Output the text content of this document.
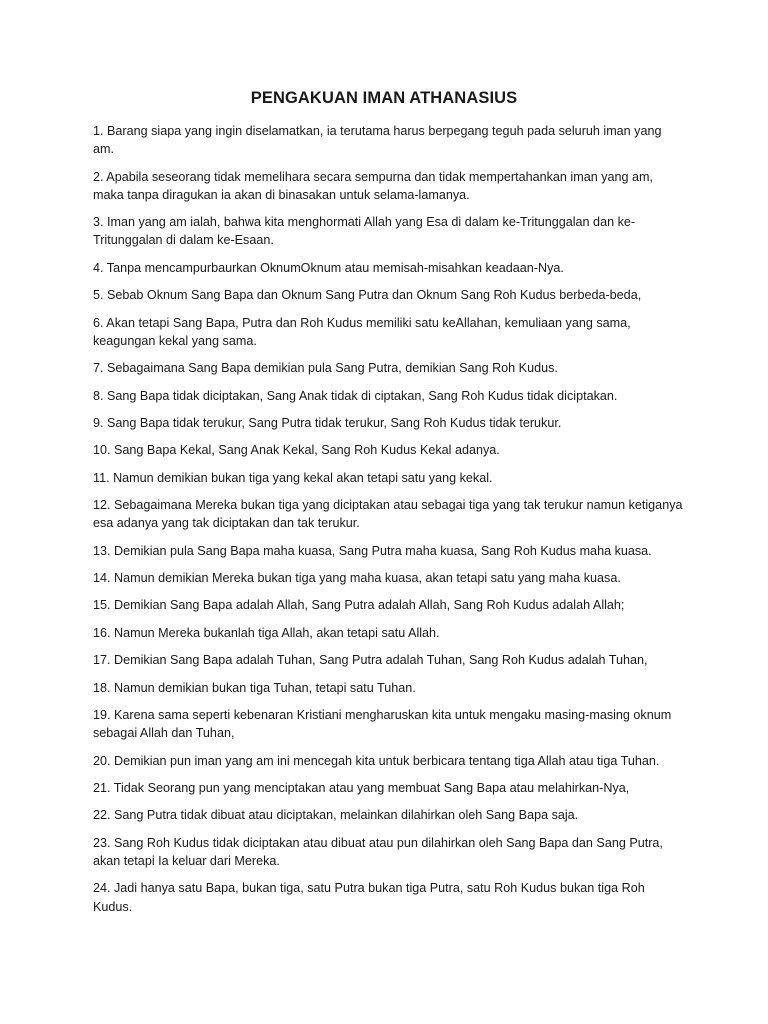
PENGAKUAN IMAN ATHANASIUS

1. Barang siapa yang ingin diselamatkan, ia terutama harus berpegang teguh pada seluruh iman yang am.

2. Apabila seseorang tidak memelihara secara sempurna dan tidak mempertahankan iman yang am, maka tanpa diragukan ia akan di binasakan untuk selama-lamanya.

3. Iman yang am ialah, bahwa kita menghormati Allah yang Esa di dalam ke-Tritunggalan dan ke-Tritunggalan di dalam ke-Esaan.

4. Tanpa mencampurbaurkan OknumOknum atau memisah-misahkan keadaan-Nya.

5. Sebab Oknum Sang Bapa dan Oknum Sang Putra dan Oknum Sang Roh Kudus berbeda-beda,

6. Akan tetapi Sang Bapa, Putra dan Roh Kudus memiliki satu keAllahan, kemuliaan yang sama, keagungan kekal yang sama.

7. Sebagaimana Sang Bapa demikian pula Sang Putra, demikian Sang Roh Kudus.

8. Sang Bapa tidak diciptakan, Sang Anak tidak di ciptakan, Sang Roh Kudus tidak diciptakan.

9. Sang Bapa tidak terukur, Sang Putra tidak terukur, Sang Roh Kudus tidak terukur.

10. Sang Bapa Kekal, Sang Anak Kekal, Sang Roh Kudus Kekal adanya.

11. Namun demikian bukan tiga yang kekal akan tetapi satu yang kekal.

12. Sebagaimana Mereka bukan tiga yang diciptakan atau sebagai tiga yang tak terukur namun ketiganya esa adanya yang tak diciptakan dan tak terukur.

13. Demikian pula Sang Bapa maha kuasa, Sang Putra maha kuasa, Sang Roh Kudus maha kuasa.

14. Namun demikian Mereka bukan tiga yang maha kuasa, akan tetapi satu yang maha kuasa.

15. Demikian Sang Bapa adalah Allah, Sang Putra adalah Allah, Sang Roh Kudus adalah Allah;

16. Namun Mereka bukanlah tiga Allah, akan tetapi satu Allah.

17. Demikian Sang Bapa adalah Tuhan, Sang Putra adalah Tuhan, Sang Roh Kudus adalah Tuhan,

18. Namun demikian bukan tiga Tuhan, tetapi satu Tuhan.

19. Karena sama seperti kebenaran Kristiani mengharuskan kita untuk mengaku masing-masing oknum sebagai Allah dan Tuhan,

20. Demikian pun iman yang am ini mencegah kita untuk berbicara tentang tiga Allah atau tiga Tuhan.

21. Tidak Seorang pun yang menciptakan atau yang membuat Sang Bapa atau melahirkan-Nya,

22. Sang Putra tidak dibuat atau diciptakan, melainkan dilahirkan oleh Sang Bapa saja.

23. Sang Roh Kudus tidak diciptakan atau dibuat atau pun dilahirkan oleh Sang Bapa dan Sang Putra, akan tetapi Ia keluar dari Mereka.

24. Jadi hanya satu Bapa, bukan tiga, satu Putra bukan tiga Putra, satu Roh Kudus bukan tiga Roh Kudus.
